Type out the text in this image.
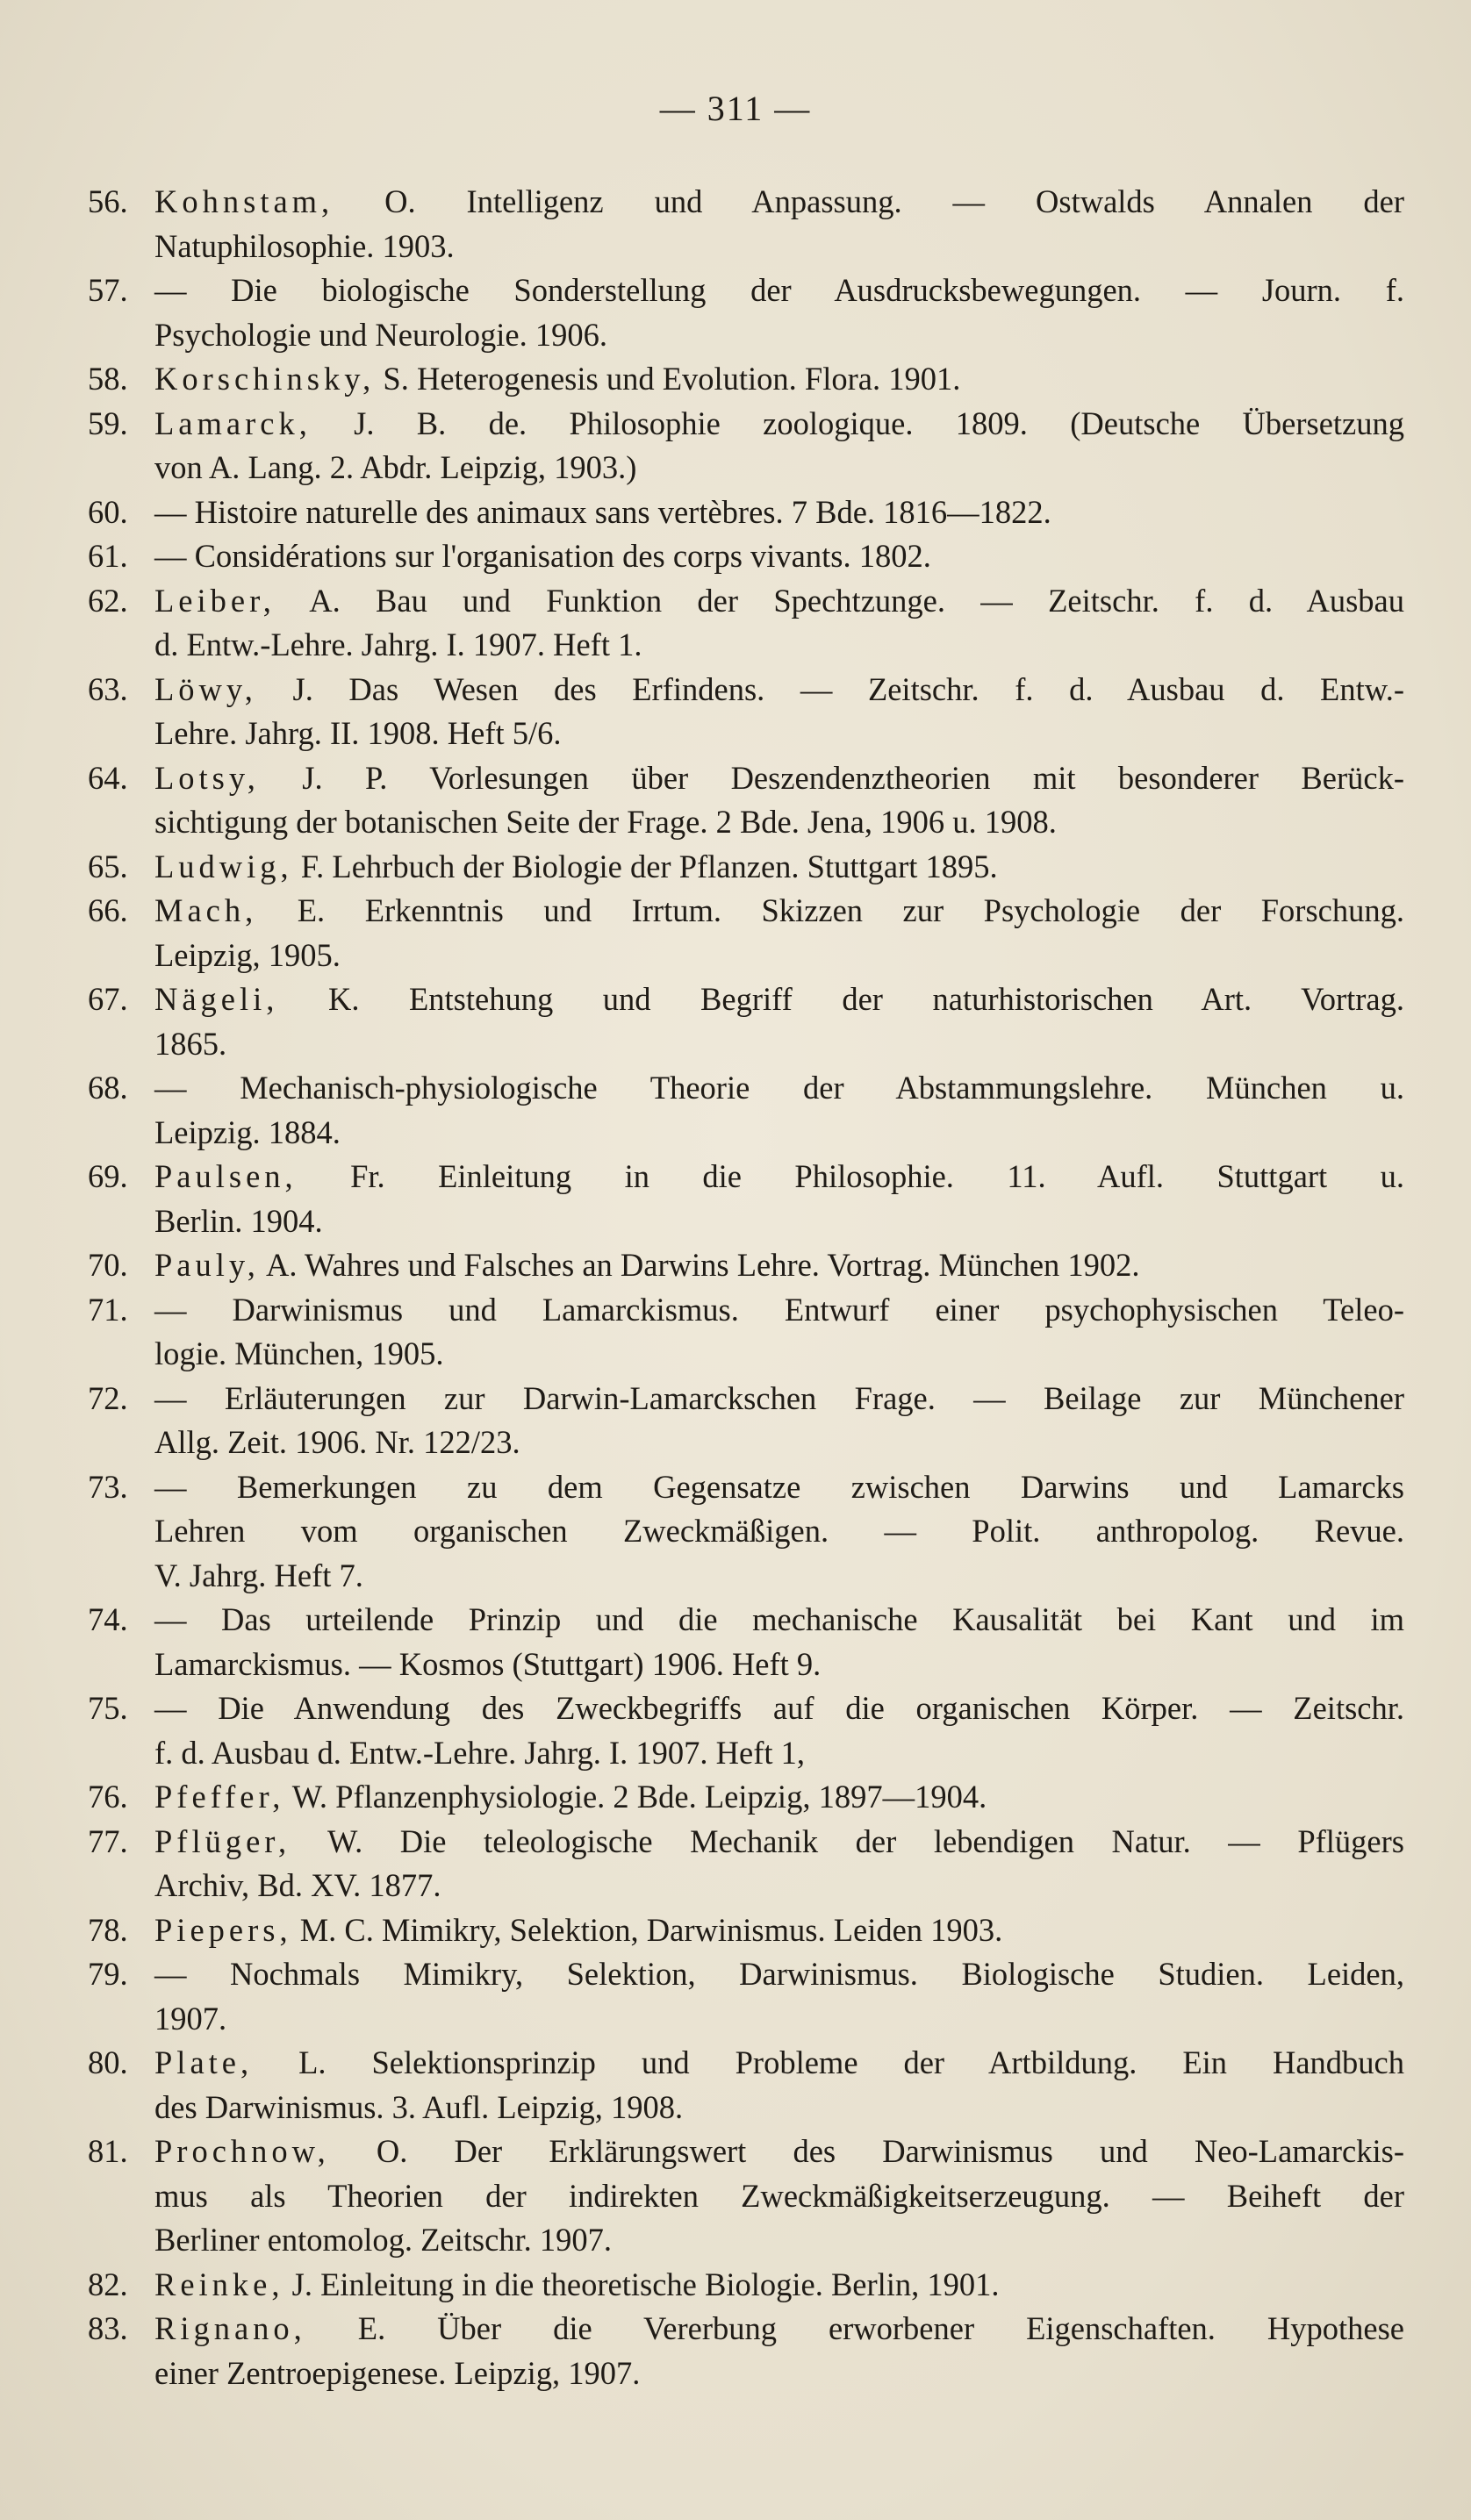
— 311 —
56. Kohnstam, O. Intelligenz und Anpassung. — Ostwalds Annalen der
Natuphilosophie. 1903.
57. — Die biologische Sonderstellung der Ausdrucksbewegungen. — Journ. f.
Psychologie und Neurologie. 1906.
58. Korschinsky, S. Heterogenesis und Evolution. Flora. 1901.
59. Lamarck, J. B. de. Philosophie zoologique. 1809. (Deutsche Übersetzung
von A. Lang. 2. Abdr. Leipzig, 1903.)
60. — Histoire naturelle des animaux sans vertèbres. 7 Bde. 1816—1822.
61. — Considérations sur l'organisation des corps vivants. 1802.
62. Leiber, A. Bau und Funktion der Spechtzunge. — Zeitschr. f. d. Ausbau
d. Entw.-Lehre. Jahrg. I. 1907. Heft 1.
63. Löwy, J. Das Wesen des Erfindens. — Zeitschr. f. d. Ausbau d. Entw.-
Lehre. Jahrg. II. 1908. Heft 5/6.
64. Lotsy, J. P. Vorlesungen über Deszendenztheorien mit besonderer Berück-
sichtigung der botanischen Seite der Frage. 2 Bde. Jena, 1906 u. 1908.
65. Ludwig, F. Lehrbuch der Biologie der Pflanzen. Stuttgart 1895.
66. Mach, E. Erkenntnis und Irrtum. Skizzen zur Psychologie der Forschung.
Leipzig, 1905.
67. Nägeli, K. Entstehung und Begriff der naturhistorischen Art. Vortrag.
1865.
68. — Mechanisch-physiologische Theorie der Abstammungslehre. München u.
Leipzig. 1884.
69. Paulsen, Fr. Einleitung in die Philosophie. 11. Aufl. Stuttgart u.
Berlin. 1904.
70. Pauly, A. Wahres und Falsches an Darwins Lehre. Vortrag. München 1902.
71. — Darwinismus und Lamarckismus. Entwurf einer psychophysischen Teleo-
logie. München, 1905.
72. — Erläuterungen zur Darwin-Lamarckschen Frage. — Beilage zur Münchener
Allg. Zeit. 1906. Nr. 122/23.
73. — Bemerkungen zu dem Gegensatze zwischen Darwins und Lamarcks
Lehren vom organischen Zweckmäßigen. — Polit. anthropolog. Revue.
V. Jahrg. Heft 7.
74. — Das urteilende Prinzip und die mechanische Kausalität bei Kant und im
Lamarckismus. — Kosmos (Stuttgart) 1906. Heft 9.
75. — Die Anwendung des Zweckbegriffs auf die organischen Körper. — Zeitschr.
f. d. Ausbau d. Entw.-Lehre. Jahrg. I. 1907. Heft 1,
76. Pfeffer, W. Pflanzenphysiologie. 2 Bde. Leipzig, 1897—1904.
77. Pflüger, W. Die teleologische Mechanik der lebendigen Natur. — Pflügers
Archiv, Bd. XV. 1877.
78. Piepers, M. C. Mimikry, Selektion, Darwinismus. Leiden 1903.
79. — Nochmals Mimikry, Selektion, Darwinismus. Biologische Studien. Leiden,
1907.
80. Plate, L. Selektionsprinzip und Probleme der Artbildung. Ein Handbuch
des Darwinismus. 3. Aufl. Leipzig, 1908.
81. Prochnow, O. Der Erklärungswert des Darwinismus und Neo-Lamarckis-
mus als Theorien der indirekten Zweckmäßigkeitserzeugung. — Beiheft der
Berliner entomolog. Zeitschr. 1907.
82. Reinke, J. Einleitung in die theoretische Biologie. Berlin, 1901.
83. Rignano, E. Über die Vererbung erworbener Eigenschaften. Hypothese
einer Zentroepigenese. Leipzig, 1907.
